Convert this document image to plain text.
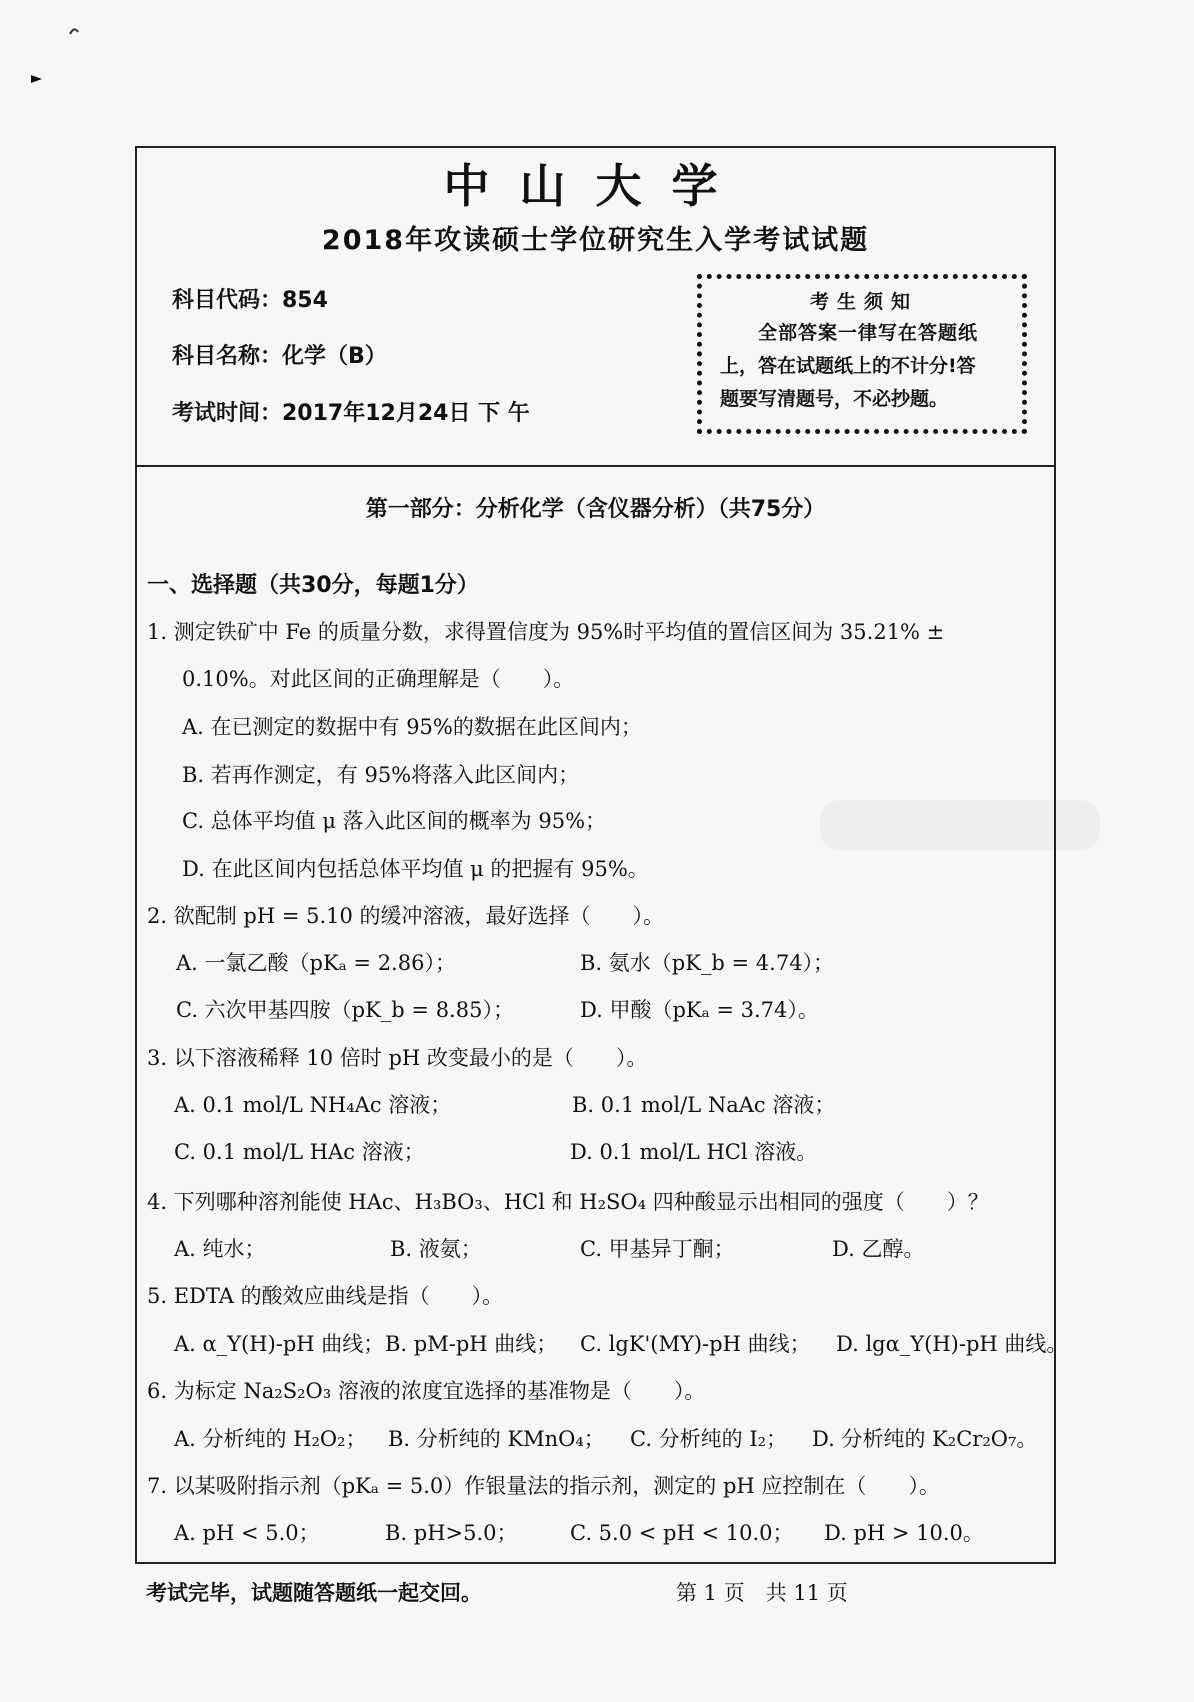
中山大学
2018年攻读硕士学位研究生入学考试试题
科目代码：854
科目名称：化学（B）
考试时间：2017年12月24日 下 午
考生须知
全部答案一律写在答题纸
上，答在试题纸上的不计分!答
题要写清题号，不必抄题。
第一部分：分析化学（含仪器分析）（共75分）
一、选择题（共30分，每题1分）
1. 测定铁矿中 Fe 的质量分数，求得置信度为 95%时平均值的置信区间为 35.21% ±
0.10%。对此区间的正确理解是（　　）。
A. 在已测定的数据中有 95%的数据在此区间内；
B. 若再作测定，有 95%将落入此区间内；
C. 总体平均值 μ 落入此区间的概率为 95%；
D. 在此区间内包括总体平均值 μ 的把握有 95%。
2. 欲配制 pH = 5.10 的缓冲溶液，最好选择（　　）。
A. 一氯乙酸（pKₐ = 2.86）；	B. 氨水（pK_b = 4.74）；
C. 六次甲基四胺（pK_b = 8.85）；	D. 甲酸（pKₐ = 3.74）。
3. 以下溶液稀释 10 倍时 pH 改变最小的是（　　）。
A. 0.1 mol/L NH₄Ac 溶液；	B. 0.1 mol/L NaAc 溶液；
C. 0.1 mol/L HAc 溶液；	D. 0.1 mol/L HCl 溶液。
4. 下列哪种溶剂能使 HAc、H₃BO₃、HCl 和 H₂SO₄ 四种酸显示出相同的强度（　　）？
A. 纯水；	B. 液氨；	C. 甲基异丁酮；	D. 乙醇。
5. EDTA 的酸效应曲线是指（　　）。
A. α_Y(H)-pH 曲线； B. pM-pH 曲线； C. lgK'(MY)-pH 曲线； D. lgα_Y(H)-pH 曲线。
6. 为标定 Na₂S₂O₃ 溶液的浓度宜选择的基准物是（　　）。
A. 分析纯的 H₂O₂； B. 分析纯的 KMnO₄； C. 分析纯的 I₂； D. 分析纯的 K₂Cr₂O₇。
7. 以某吸附指示剂（pKₐ = 5.0）作银量法的指示剂，测定的 pH 应控制在（　　）。
A. pH < 5.0；	B. pH>5.0； C. 5.0 < pH < 10.0； D. pH > 10.0。
考试完毕，试题随答题纸一起交回。	第 1 页　共 11 页
